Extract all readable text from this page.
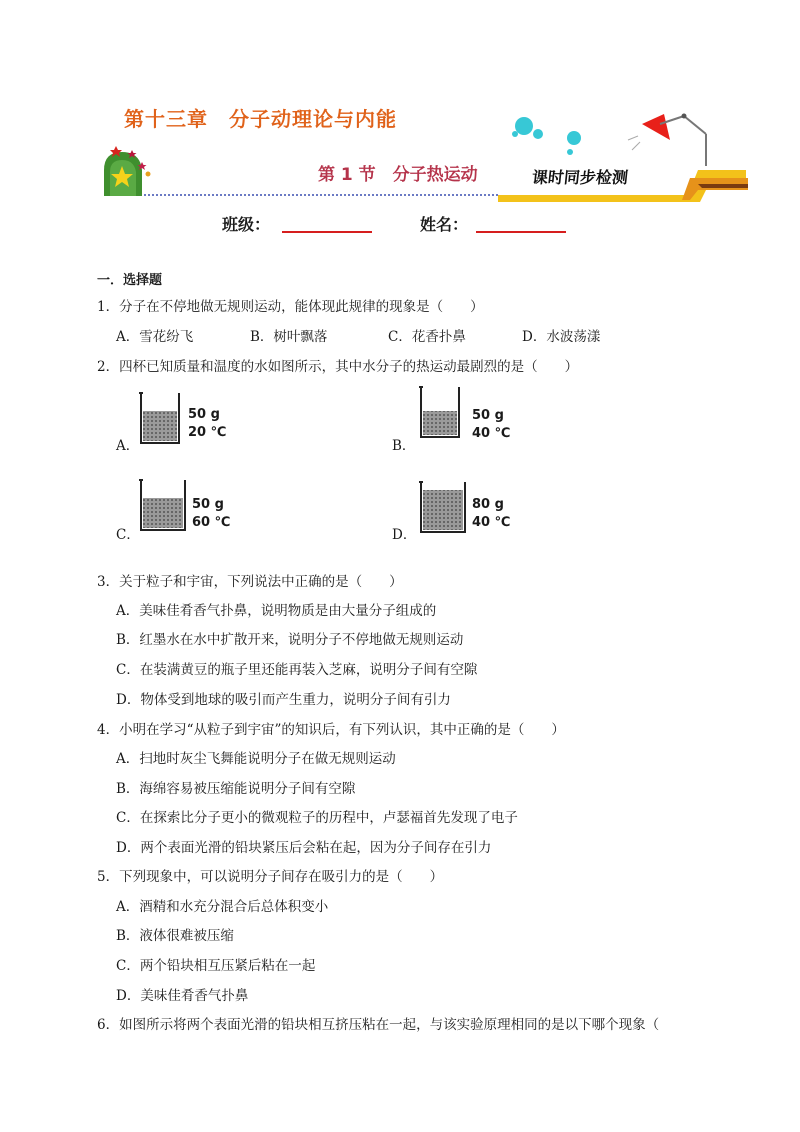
第十三章　分子动理论与内能
第 1 节　分子热运动	课时同步检测
班级：	姓名：
一．选择题
1．分子在不停地做无规则运动，能体现此规律的现象是（　　）
A．雪花纷飞	B．树叶飘落	C．花香扑鼻	D．水波荡漾
2．四杯已知质量和温度的水如图所示，其中水分子的热运动最剧烈的是（　　）
A．
50 g
20 ℃
B．
50 g
40 ℃
C．
50 g
60 ℃
D．
80 g
40 ℃
3．关于粒子和宇宙，下列说法中正确的是（　　）
A．美味佳肴香气扑鼻，说明物质是由大量分子组成的
B．红墨水在水中扩散开来，说明分子不停地做无规则运动
C．在装满黄豆的瓶子里还能再装入芝麻，说明分子间有空隙
D．物体受到地球的吸引而产生重力，说明分子间有引力
4．小明在学习“从粒子到宇宙”的知识后，有下列认识，其中正确的是（　　）
A．扫地时灰尘飞舞能说明分子在做无规则运动
B．海绵容易被压缩能说明分子间有空隙
C．在探索比分子更小的微观粒子的历程中，卢瑟福首先发现了电子
D．两个表面光滑的铅块紧压后会粘在起，因为分子间存在引力
5．下列现象中，可以说明分子间存在吸引力的是（　　）
A．酒精和水充分混合后总体积变小
B．液体很难被压缩
C．两个铅块相互压紧后粘在一起
D．美味佳肴香气扑鼻
6．如图所示将两个表面光滑的铅块相互挤压粘在一起，与该实验原理相同的是以下哪个现象（
